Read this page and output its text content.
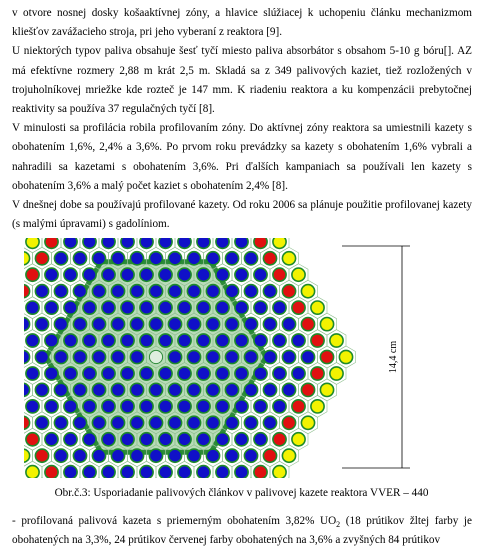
v otvore nosnej dosky košaaktívnej zóny, a hlavice slúžiacej k uchopeniu článku mechanizmom kliešťov zavážacieho stroja, pri jeho vyberaní z reaktora [9].

U niektorých typov paliva obsahuje šesť tyčí miesto paliva absorbátor s obsahom 5-10 g bóru[]. AZ má efektívne rozmery 2,88 m krát 2,5 m. Skladá sa z 349 palivových kaziet, tiež rozložených v trojuholníkovej mriežke kde rozteč je 147 mm. K riadeniu reaktora a ku kompenzácii prebytočnej reaktivity sa používa 37 regulačných tyčí [8].

V minulosti sa profilácia robila profilovaním zóny. Do aktívnej zóny reaktora sa umiestnili kazety s obohatením 1,6%, 2,4% a 3,6%. Po prvom roku prevádzky sa kazety s obohatením 1,6% vybrali a nahradili sa kazetami s obohatením 3,6%. Pri ďalších kampaniach sa používali len kazety s obohatením 3,6% a malý počet kaziet s obohatením 2,4% [8].

V dnešnej dobe sa používajú profilované kazety. Od roku 2006 sa plánuje použitie profilovanej kazety (s malými úpravami) s gadolíniom.

14,4 cm
Obr.č.3: Usporiadanie palivových článkov v palivovej kazete reaktora VVER – 440
- profilovaná palivová kazeta s priemerným obohatením 3,82% $UO_2$ (18 prútikov žltej farby je obohatených na 3,3%, 24 prútikov červenej farby obohatených na 3,6% a zvyšných 84 prútikov
